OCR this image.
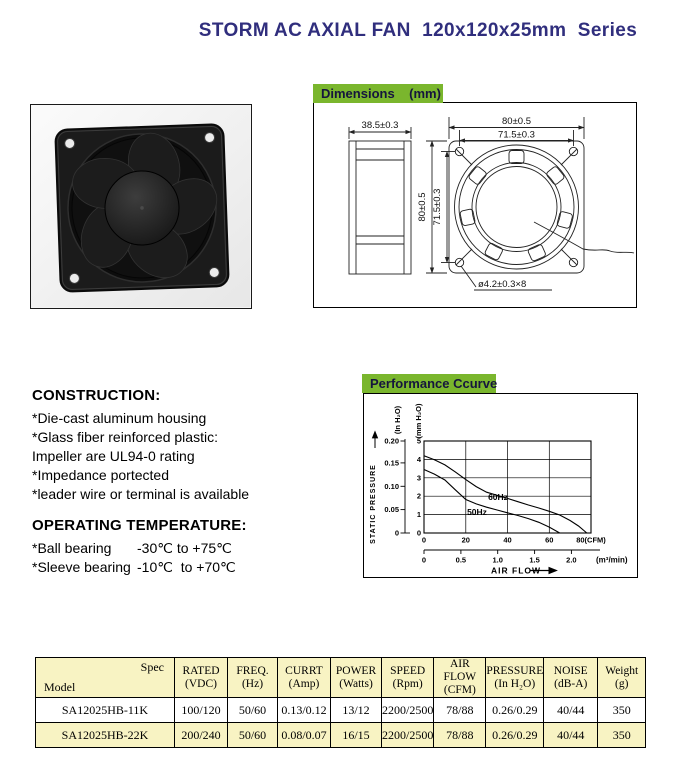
STORM AC AXIAL FAN  120x120x25mm  Series
Dimensions    (mm)
38.5±0.3	80±0.5
71.5±0.3
80±0.5 71.5±0.3
ø4.2±0.3×8
CONSTRUCTION:
*Die-cast aluminum housing
*Glass fiber reinforced plastic:
Impeller are UL94-0 rating
*Impedance portected
*leader wire or terminal is available
OPERATING TEMPERATURE:
*Ball bearing -30℃ to +75℃
*Sleeve bearing -10℃  to +70℃
Performance Ccurve
0.20
0.15
0.10
0.05
0
5
4
3
2
1
0
0	20	40	60	80(CFM)
0	0.5	1.0	1.5	2.0 (m³/min)
(In H₂O) (mm H₂O)
STATIC PRESSURE
AIR FLOW
60Hz
50Hz
Spec
Model

RATED
(VDC)

FREQ.
(Hz)

CURRT
(Amp)

POWER
(Watts)

SPEED
(Rpm)

AIR FLOW
(CFM)

PRESSURE
(In H₂O)

NOISE
(dB-A)

Weight
(g)

SA12025HB-11K	100/120	50/60	0.13/0.12	13/12	2200/2500	78/88	0.26/0.29	40/44	350
SA12025HB-22K	200/240	50/60	0.08/0.07	16/15	2200/2500	78/88	0.26/0.29	40/44	350
